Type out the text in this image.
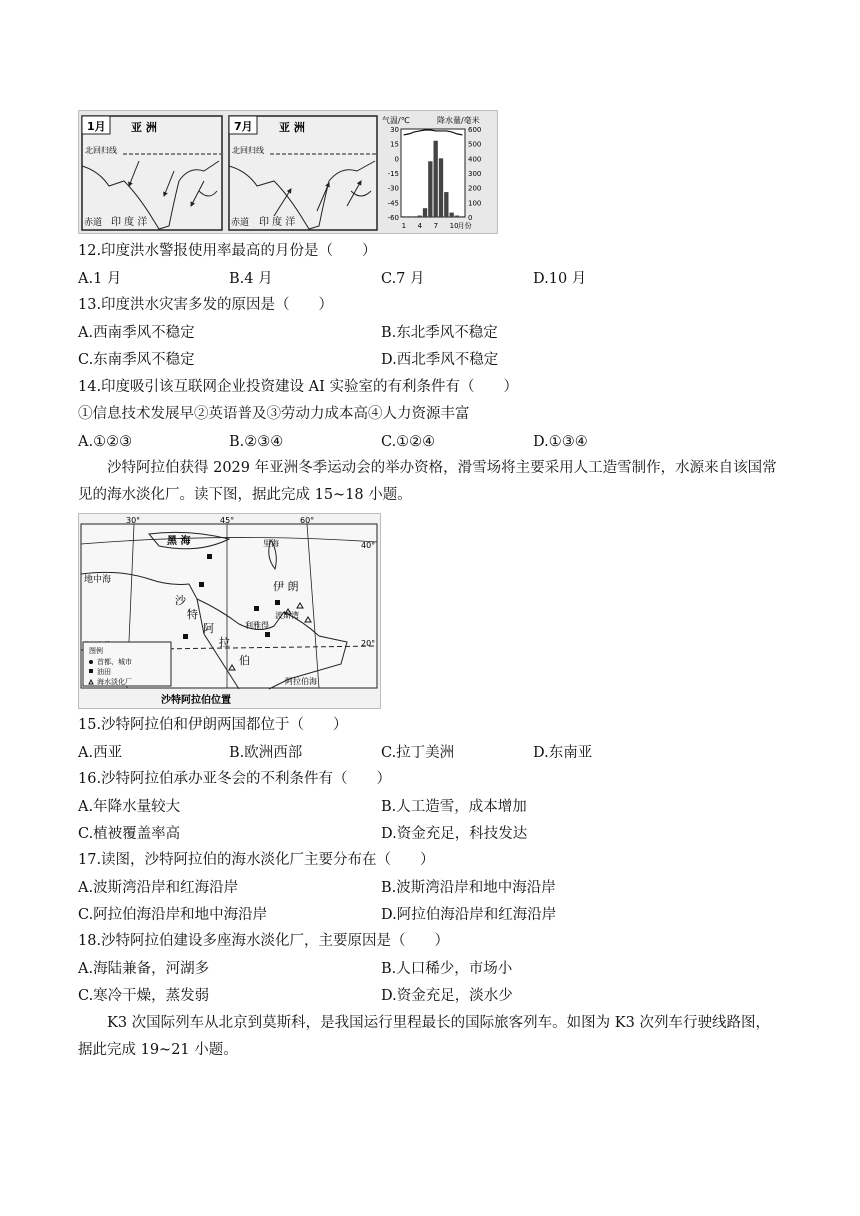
1月 亚 洲
北回归线
赤道 印 度 洋
7月 亚 洲
北回归线
赤道 印 度 洋
气温/℃	降水量/毫米
30
15
0
-15
-30
-45
-60
600
500
400
300
200
100
0
1 4 7 10 月份
12.印度洪水警报使用率最高的月份是（　　）
A.1 月	B.4 月	C.7 月	D.10 月
13.印度洪水灾害多发的原因是（　　）
A.西南季风不稳定	B.东北季风不稳定
C.东南季风不稳定	D.西北季风不稳定
14.印度吸引该互联网企业投资建设 AI 实验室的有利条件有（　　）
①信息技术发展早②英语普及③劳动力成本高④人力资源丰富
A.①②③	B.②③④	C.①②④	D.①③④
沙特阿拉伯获得 2029 年亚洲冬季运动会的举办资格，滑雪场将主要采用人工造雪制作，水源来自该国常见的海水淡化厂。读下图，据此完成 15~18 小题。
30°	45°	60°
40°
20°
黑 海	里海
地中海	伊 朗
沙
特
阿
拉
伯
波斯湾
利雅得
阿拉伯海
图例
首都、城市
油田
海水淡化厂
沙特阿拉伯位置
15.沙特阿拉伯和伊朗两国都位于（　　）
A.西亚	B.欧洲西部	C.拉丁美洲	D.东南亚
16.沙特阿拉伯承办亚冬会的不利条件有（　　）
A.年降水量较大	B.人工造雪，成本增加
C.植被覆盖率高	D.资金充足，科技发达
17.读图，沙特阿拉伯的海水淡化厂主要分布在（　　）
A.波斯湾沿岸和红海沿岸	B.波斯湾沿岸和地中海沿岸
C.阿拉伯海沿岸和地中海沿岸	D.阿拉伯海沿岸和红海沿岸
18.沙特阿拉伯建设多座海水淡化厂，主要原因是（　　）
A.海陆兼备，河湖多	B.人口稀少，市场小
C.寒冷干燥，蒸发弱	D.资金充足，淡水少
K3 次国际列车从北京到莫斯科，是我国运行里程最长的国际旅客列车。如图为 K3 次列车行驶线路图，据此完成 19~21 小题。
